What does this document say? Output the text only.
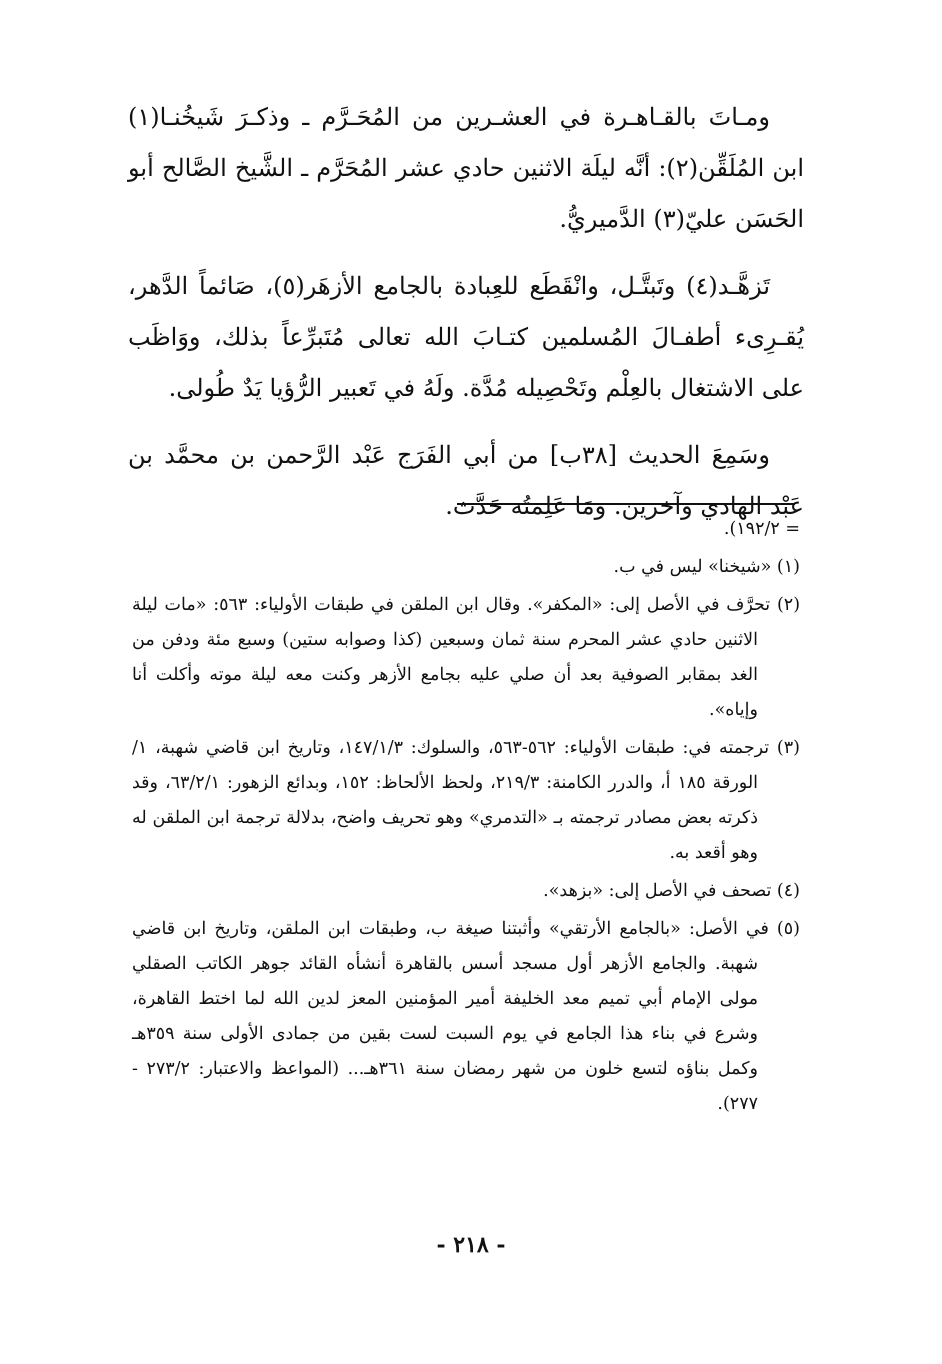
ومـاتَ بالقـاهـرة في العشـرين من المُحَـرَّم ـ وذكـرَ شَيخُنـا(١) ابن المُلَقِّن(٢): أنَّه ليلَة الاثنين حادي عشر المُحَرَّم ـ الشَّيخ الصَّالح أبو الحَسَن عليّ(٣) الدَّميريُّ.

تَزهَّـد(٤) وتَبتَّـل، وانْقَطَع للعِبادة بالجامع الأزهَر(٥)، صَائماً الدَّهر، يُقـرِىء أطفـالَ المُسلمين كتـابَ الله تعالى مُتَبرِّعاً بذلك، ووَاظَب على الاشتغال بالعِلْم وتَحْصِيله مُدَّة. ولَهُ في تَعبير الرُّؤيا يَدٌ طُولى.

وسَمِعَ الحديث [٣٨ب] من أبي الفَرَج عَبْد الرَّحمن بن محمَّد بن عَبْد الهادي وآخرين. ومَا عَلِمتُه حَدَّث.

= ١٩٢/٢).
(١) «شيخنا» ليس في ب.
(٢) تحرَّف في الأصل إلى: «المكفر». وقال ابن الملقن في طبقات الأولياء: ٥٦٣: «مات ليلة الاثنين حادي عشر المحرم سنة ثمان وسبعين (كذا وصوابه ستين) وسبع مئة ودفن من الغد بمقابر الصوفية بعد أن صلي عليه بجامع الأزهر وكنت معه ليلة موته وأكلت أنا وإياه».
(٣) ترجمته في: طبقات الأولياء: ٥٦٢-٥٦٣، والسلوك: ١٤٧/١/٣، وتاريخ ابن قاضي شهبة، ١/الورقة ١٨٥ أ، والدرر الكامنة: ٢١٩/٣، ولحظ الألحاظ: ١٥٢، وبدائع الزهور: ٦٣/٢/١، وقد ذكرته بعض مصادر ترجمته بـ «التدمري» وهو تحريف واضح، بدلالة ترجمة ابن الملقن له وهو أقعد به.
(٤) تصحف في الأصل إلى: «بزهد».
(٥) في الأصل: «بالجامع الأرتقي» وأثبتنا صيغة ب، وطبقات ابن الملقن، وتاريخ ابن قاضي شهبة. والجامع الأزهر أول مسجد أسس بالقاهرة أنشأه القائد جوهر الكاتب الصقلي مولى الإمام أبي تميم معد الخليفة أمير المؤمنين المعز لدين الله لما اختط القاهرة، وشرع في بناء هذا الجامع في يوم السبت لست بقين من جمادى الأولى سنة ٣٥٩هـ وكمل بناؤه لتسع خلون من شهر رمضان سنة ٣٦١هـ... (المواعظ والاعتبار: ٢٧٣/٢ - ٢٧٧).
- ٢١٨ -
